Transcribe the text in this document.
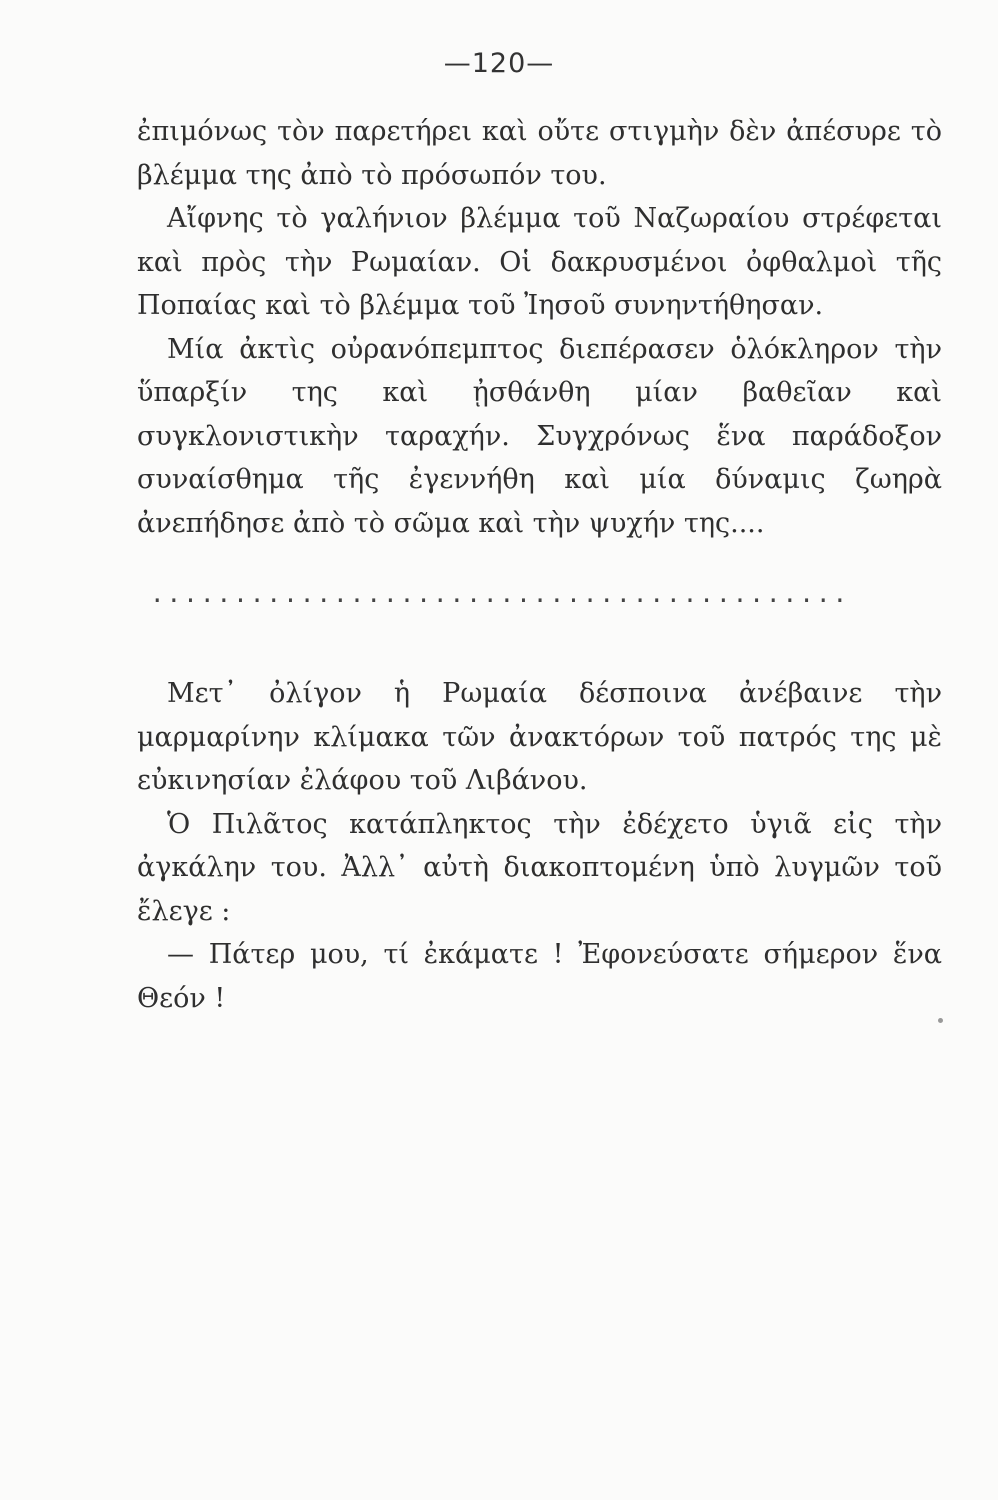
—120—

ἐπιμόνως τὸν παρετήρει καὶ οὔτε στιγμὴν δὲν ἀπέσυρε τὸ βλέμμα της ἀπὸ τὸ πρόσωπόν του.

Αἴφνης τὸ γαλήνιον βλέμμα τοῦ Ναζωραίου στρέφεται καὶ πρὸς τὴν Ρωμαίαν. Οἱ δακρυσμένοι ὀφθαλμοὶ τῆς Ποπαίας καὶ τὸ βλέμμα τοῦ Ἰησοῦ συνηντήθησαν.

Μία ἀκτὶς οὐρανόπεμπτος διεπέρασεν ὁλόκληρον τὴν ὕπαρξίν της καὶ ᾐσθάνθη μίαν βαθεῖαν καὶ συγκλονιστικὴν ταραχήν. Συγχρόνως ἕνα παράδοξον συναίσθημα τῆς ἐγεννήθη καὶ μία δύναμις ζωηρὰ ἀνεπήδησε ἀπὸ τὸ σῶμα καὶ τὴν ψυχήν της....

..........................................

Μετ᾽ ὀλίγον ἡ Ρωμαία δέσποινα ἀνέβαινε τὴν μαρμαρίνην κλίμακα τῶν ἀνακτόρων τοῦ πατρός της μὲ εὐκινησίαν ἐλάφου τοῦ Λιβάνου.

Ὁ Πιλᾶτος κατάπληκτος τὴν ἐδέχετο ὑγιᾶ εἰς τὴν ἀγκάλην του. Ἀλλ᾽ αὐτὴ διακοπτομένη ὑπὸ λυγμῶν τοῦ ἔλεγε :

— Πάτερ μου, τί ἐκάματε ! Ἐφονεύσατε σήμερον ἕνα Θεόν !
